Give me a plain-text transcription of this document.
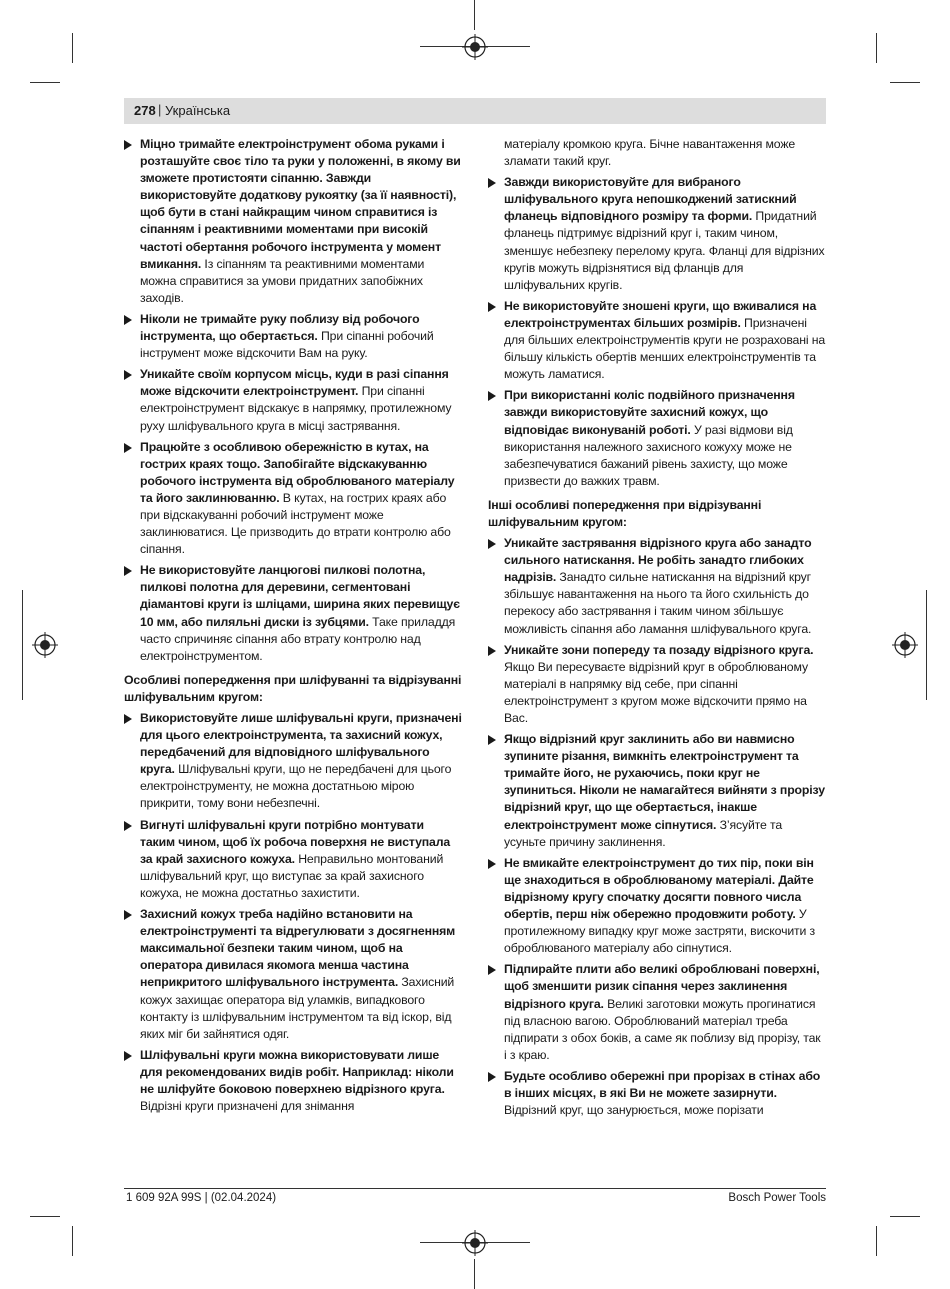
278 | Українська
Міцно тримайте електроінструмент обома руками і розташуйте своє тіло та руки у положенні, в якому ви зможете протистояти сіпанню. Завжди використовуйте додаткову рукоятку (за її наявності), щоб бути в стані найкращим чином справитися із сіпанням і реактивними моментами при високій частоті обертання робочого інструмента у момент вмикання. Із сіпанням та реактивними моментами можна справитися за умови придатних запобіжних заходів.
Ніколи не тримайте руку поблизу від робочого інструмента, що обертається. При сіпанні робочий інструмент може відскочити Вам на руку.
Уникайте своїм корпусом місць, куди в разі сіпання може відскочити електроінструмент. При сіпанні електроінструмент відскакує в напрямку, протилежному руху шліфувального круга в місці застрявання.
Працюйте з особливою обережністю в кутах, на гострих краях тощо. Запобігайте відскакуванню робочого інструмента від оброблюваного матеріалу та його заклинюванню. В кутах, на гострих краях або при відскакуванні робочий інструмент може заклинюватися. Це призводить до втрати контролю або сіпання.
Не використовуйте ланцюгові пилкові полотна, пилкові полотна для деревини, сегментовані діамантові круги із шліцами, ширина яких перевищує 10 мм, або пиляльні диски із зубцями. Таке приладдя часто спричиняє сіпання або втрату контролю над електроінструментом.
Особливі попередження при шліфуванні та відрізуванні шліфувальним кругом:
Використовуйте лише шліфувальні круги, призначені для цього електроінструмента, та захисний кожух, передбачений для відповідного шліфувального круга. Шліфувальні круги, що не передбачені для цього електроінструменту, не можна достатньою мірою прикрити, тому вони небезпечні.
Вигнуті шліфувальні круги потрібно монтувати таким чином, щоб їх робоча поверхня не виступала за край захисного кожуха. Неправильно монтований шліфувальний круг, що виступає за край захисного кожуха, не можна достатньо захистити.
Захисний кожух треба надійно встановити на електроінструменті та відрегулювати з досягненням максимальної безпеки таким чином, щоб на оператора дивилася якомога менша частина неприкритого шліфувального інструмента. Захисний кожух захищає оператора від уламків, випадкового контакту із шліфувальним інструментом та від іскор, від яких міг би зайнятися одяг.
Шліфувальні круги можна використовувати лише для рекомендованих видів робіт. Наприклад: ніколи не шліфуйте боковою поверхнею відрізного круга. Відрізні круги призначені для знімання
матеріалу кромкою круга. Бічне навантаження може зламати такий круг.
Завжди використовуйте для вибраного шліфувального круга непошкоджений затискний фланець відповідного розміру та форми. Придатний фланець підтримує відрізний круг і, таким чином, зменшує небезпеку перелому круга. Фланці для відрізних кругів можуть відрізнятися від фланців для шліфувальних кругів.
Не використовуйте зношені круги, що вживалися на електроінструментах більших розмірів. Призначені для більших електроінструментів круги не розраховані на більшу кількість обертів менших електроінструментів та можуть ламатися.
При використанні коліс подвійного призначення завжди використовуйте захисний кожух, що відповідає виконуваній роботі. У разі відмови від використання належного захисного кожуху може не забезпечуватися бажаний рівень захисту, що може призвести до важких травм.
Інші особливі попередження при відрізуванні шліфувальним кругом:
Уникайте застрявання відрізного круга або занадто сильного натискання. Не робіть занадто глибоких надрізів. Занадто сильне натискання на відрізний круг збільшує навантаження на нього та його схильність до перекосу або застрявання і таким чином збільшує можливість сіпання або ламання шліфувального круга.
Уникайте зони попереду та позаду відрізного круга. Якщо Ви пересуваєте відрізний круг в оброблюваному матеріалі в напрямку від себе, при сіпанні електроінструмент з кругом може відскочити прямо на Вас.
Якщо відрізний круг заклинить або ви навмисно зупините різання, вимкніть електроінструмент та тримайте його, не рухаючись, поки круг не зупиниться. Ніколи не намагайтеся вийняти з прорізу відрізний круг, що ще обертається, інакше електроінструмент може сіпнутися. З’ясуйте та усуньте причину заклинення.
Не вмикайте електроінструмент до тих пір, поки він ще знаходиться в оброблюваному матеріалі. Дайте відрізному кругу спочатку досягти повного числа обертів, перш ніж обережно продовжити роботу. У протилежному випадку круг може застряти, вискочити з оброблюваного матеріалу або сіпнутися.
Підпирайте плити або великі оброблювані поверхні, щоб зменшити ризик сіпання через заклинення відрізного круга. Великі заготовки можуть прогинатися під власною вагою. Оброблюваний матеріал треба підпирати з обох боків, а саме як поблизу від прорізу, так і з краю.
Будьте особливо обережні при прорізах в стінах або в інших місцях, в які Ви не можете зазирнути. Відрізний круг, що занурюється, може порізати
1 609 92A 99S | (02.04.2024)	Bosch Power Tools
